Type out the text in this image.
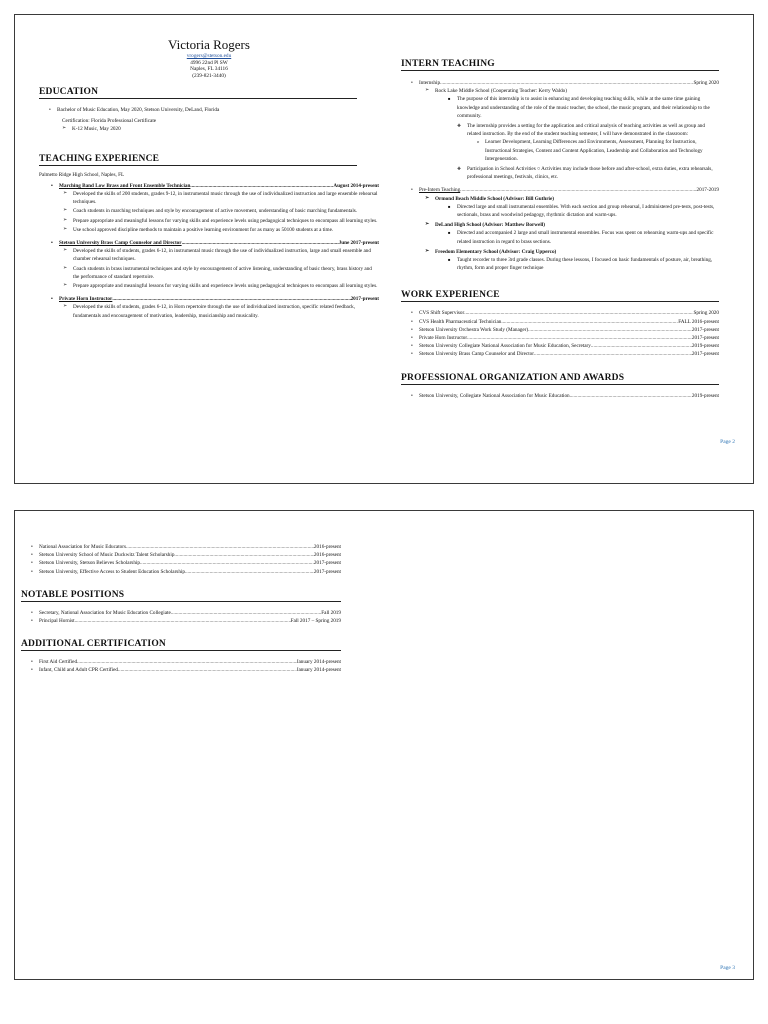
Victoria Rogers
vrogers@stetson.edu
4996 22nd Pl SW
Naples, FL 34116
(239-821-3440)
EDUCATION
• Bachelor of Music Education, May 2020, Stetson University, DeLand, Florida
Certification: Florida Professional Certificate
➢ K-12 Music, May 2020
TEACHING EXPERIENCE
Palmetto Ridge High School, Naples, FL
• Marching Band Low Brass and Front Ensemble Technician .....	August 2014-present
➢ Developed the skills of 200 students, grades 9-12, in instrumental music through the use of individualized instruction and large ensemble rehearsal techniques.
➢ Coach students in marching techniques and style by encouragement of active movement, understanding of basic marching fundamentals.
➢ Prepare appropriate and meaningful lessons for varying skills and experience levels using pedagogical techniques to encompass all learning styles.
➢ Use school approved discipline methods to maintain a positive learning environment for as many as 50100 students at a time.
• Stetson University Brass Camp Counselor and Director .....	June 2017-present
➢ Developed the skills of students, grades 6-12, in instrumental music through the use of individualized instruction, large and small ensemble and chamber rehearsal techniques.
➢ Coach students in brass instrumental techniques and style by encouragement of active listening, understanding of basic theory, brass history and the performance of standard repertoire.
➢ Prepare appropriate and meaningful lessons for varying skills and experience levels using pedagogical techniques to encompass all learning styles.
• Private Horn Instructor .....	2017-present
➢ Developed the skills of students, grades 6-12, in Horn repertoire through the use of individualized instruction, specific related feedback, fundamentals and encouragement of motivation, leadership, musicianship and musicality.
INTERN TEACHING
• Internship .....	Spring 2020
➢ Rock Lake Middle School (Cooperating Teacher: Kerry Waldo)
■ The purpose of this internship is to assist in enhancing and developing teaching skills, while at the same time gaining knowledge and understanding of the role of the music teacher, the school, the music program, and their relationship to the community.
❖ The internship provides a setting for the application and critical analysis of teaching activities as well as group and related instruction. By the end of the student teaching semester, I will have demonstrated in the classroom:
o Learner Development, Learning Differences and Environments, Assessment, Planning for Instruction, Instructional Strategies, Content and Content Application, Leadership and Collaboration and Technology Intergeneration.
❖ Participation in School Activities ○ Activities may include those before and after-school, extra duties, extra rehearsals, professional meetings, festivals, clinics, etc.
• Pre-Intern Teaching .....	2017-2019
➢ Ormond Beach Middle School (Advisor: Bill Guthrie)
■ Directed large and small instrumental ensembles. With each section and group rehearsal, I administered pre-tests, post-tests, sectionals, brass and woodwind pedagogy, rhythmic dictation and warm-ups.
➢ DeLand High School (Advisor: Matthew Borwell)
■ Directed and accompanied 2 large and small instrumental ensembles. Focus was spent on rehearsing warm-ups and specific related instruction in regard to brass sections.
➢ Freedom Elementary School (Advisor: Craig Upperco)
■ Taught recorder to three 3rd grade classes. During these lessons, I focused on basic fundamentals of posture, air, breathing, rhythm, form and proper finger technique
WORK EXPERIENCE
• CVS Shift Supervisor .....	Spring 2020
• CVS Health Pharmaceutical Technician .....	FALL 2016-present
• Stetson University Orchestra Work Study (Manager) .....	2017-present
• Private Horn Instructor .....	2017-present
• Stetson University Collegiate National Association for Music Education, Secretary .....	2019-present
• Stetson University Brass Camp Counselor and Director .....	2017-present
PROFESSIONAL ORGANIZATION AND AWARDS
• Stetson University, Collegiate National Association for Music Education .....	2019-present
Page 2
• National Association for Music Educators .....	2016-present
• Stetson University School of Music Duckwitz Talent Scholarship .....	2016-present
• Stetson University, Stetson Believes Scholarship .....	2017-present
• Stetson University, Effective Access to Student Education Scholarship .....	2017-present
NOTABLE POSITIONS
• Secretary, National Association for Music Education Collegiate .....	Fall 2019
• Principal Hornist .....	Fall 2017 – Spring 2019
ADDITIONAL CERTIFICATION
• First Aid Certified .....	January 2014-present
• Infant, Child and Adult CPR Certified .....	January 2014-present
Page 3
